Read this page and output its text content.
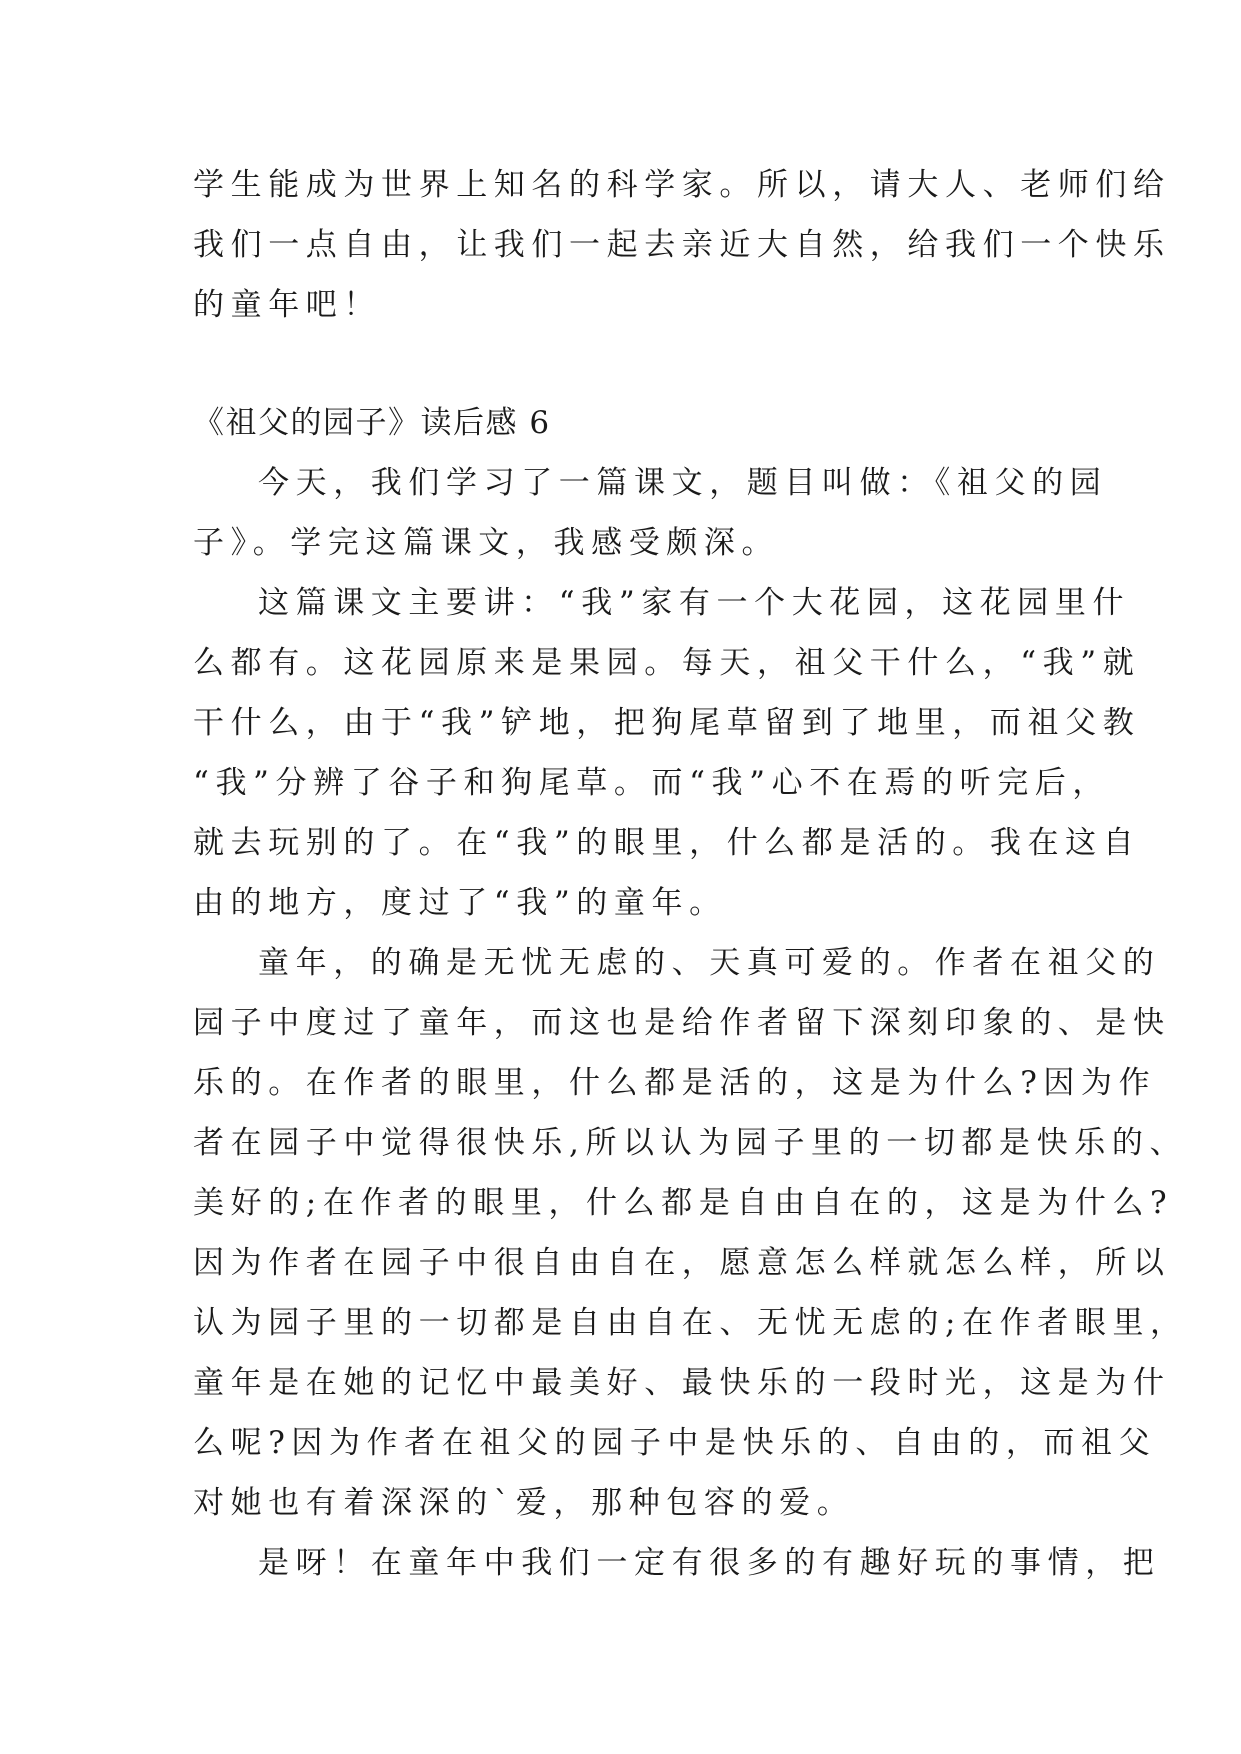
学生能成为世界上知名的科学家。所以，请大人、老师们给
我们一点自由，让我们一起去亲近大自然，给我们一个快乐
的童年吧！
《祖父的园子》读后感 6
今天，我们学习了一篇课文，题目叫做：《祖父的园
子》。学完这篇课文，我感受颇深。
这篇课文主要讲：“我”家有一个大花园，这花园里什
么都有。这花园原来是果园。每天，祖父干什么，“我”就
干什么，由于“我”铲地，把狗尾草留到了地里，而祖父教
“我”分辨了谷子和狗尾草。而“我”心不在焉的听完后，
就去玩别的了。在“我”的眼里，什么都是活的。我在这自
由的地方，度过了“我”的童年。
童年，的确是无忧无虑的、天真可爱的。作者在祖父的
园子中度过了童年，而这也是给作者留下深刻印象的、是快
乐的。在作者的眼里，什么都是活的，这是为什么?因为作
者在园子中觉得很快乐,所以认为园子里的一切都是快乐的、
美好的;在作者的眼里，什么都是自由自在的，这是为什么?
因为作者在园子中很自由自在，愿意怎么样就怎么样，所以
认为园子里的一切都是自由自在、无忧无虑的;在作者眼里，
童年是在她的记忆中最美好、最快乐的一段时光，这是为什
么呢?因为作者在祖父的园子中是快乐的、自由的，而祖父
对她也有着深深的`爱，那种包容的爱。
是呀！在童年中我们一定有很多的有趣好玩的事情，把
